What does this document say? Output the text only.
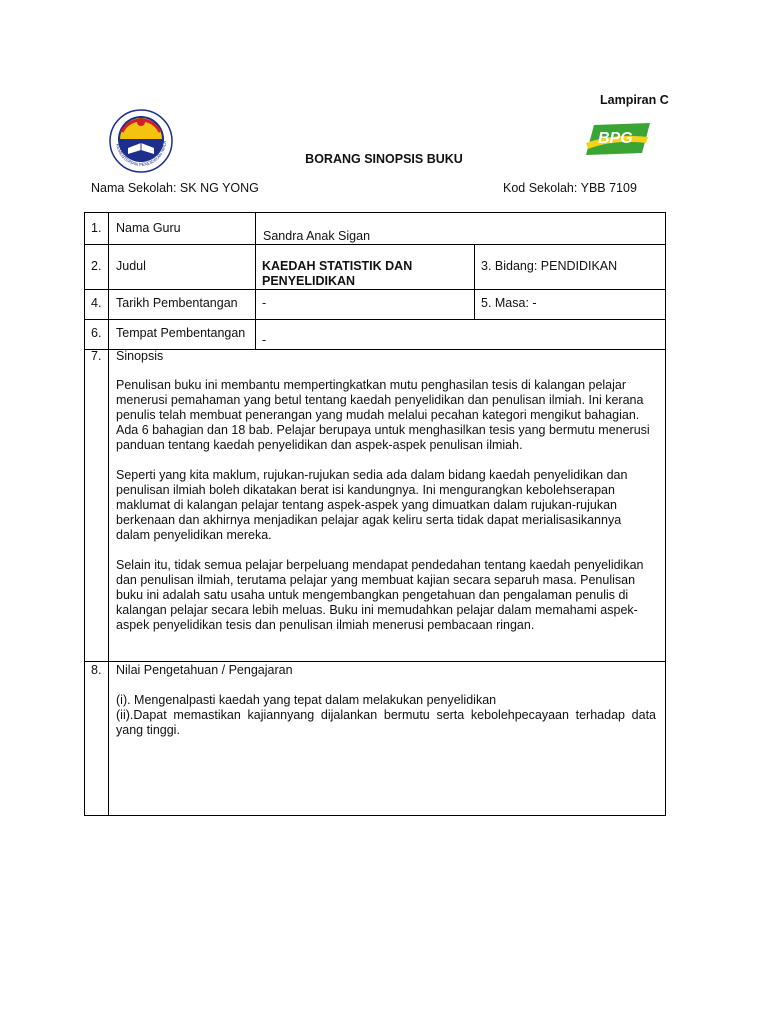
Lampiran C
KEMENTERIAN PENDIDIKAN MALA	BPG
BORANG SINOPSIS BUKU
Nama Sekolah: SK NG YONG	Kod Sekolah: YBB 7109
1. Nama Guru
Sandra Anak Sigan
2. Judul	KAEDAH STATISTIK DAN
PENYELIDIKAN
3. Bidang: PENDIDIKAN
4. Tarikh Pembentangan -	5. Masa: -
6. Tempat Pembentangan -
7. Sinopsis

Penulisan buku ini membantu mempertingkatkan mutu penghasilan tesis di kalangan pelajar menerusi pemahaman yang betul tentang kaedah penyelidikan dan penulisan ilmiah. Ini kerana penulis telah membuat penerangan yang mudah melalui pecahan kategori mengikut bahagian. Ada 6 bahagian dan 18 bab. Pelajar berupaya untuk menghasilkan tesis yang bermutu menerusi panduan tentang kaedah penyelidikan dan aspek-aspek penulisan ilmiah.

Seperti yang kita maklum, rujukan-rujukan sedia ada dalam bidang kaedah penyelidikan dan penulisan ilmiah boleh dikatakan berat isi kandungnya. Ini mengurangkan kebolehserapan maklumat di kalangan pelajar tentang aspek-aspek yang dimuatkan dalam rujukan-rujukan berkenaan dan akhirnya menjadikan pelajar agak keliru serta tidak dapat merialisasikannya dalam penyelidikan mereka.

Selain itu, tidak semua pelajar berpeluang mendapat pendedahan tentang kaedah penyelidikan dan penulisan ilmiah, terutama pelajar yang membuat kajian secara separuh masa. Penulisan buku ini adalah satu usaha untuk mengembangkan pengetahuan dan pengalaman penulis di kalangan pelajar secara lebih meluas. Buku ini memudahkan pelajar dalam memahami aspek-aspek penyelidikan tesis dan penulisan ilmiah menerusi pembacaan ringan.

8. Nilai Pengetahuan / Pengajaran

(i). Mengenalpasti kaedah yang tepat dalam melakukan penyelidikan

(ii).Dapat memastikan kajiannyang dijalankan bermutu serta kebolehpecayaan terhadap data yang tinggi.
